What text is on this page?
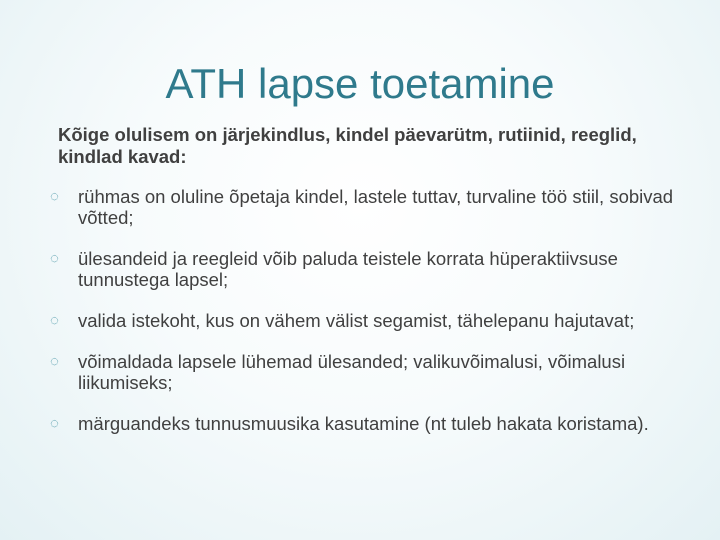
ATH lapse toetamine

Kõige olulisem on järjekindlus, kindel päevarütm, rutiinid, reeglid, kindlad kavad:

◌ rühmas on oluline õpetaja kindel, lastele tuttav, turvaline töö stiil, sobivad võtted;
◌ ülesandeid ja reegleid võib paluda teistele korrata hüperaktiivsuse tunnustega lapsel;
◌ valida istekoht, kus on vähem välist segamist, tähelepanu hajutavat;
◌ võimaldada lapsele lühemad ülesanded; valikuvõimalusi, võimalusi liikumiseks;
◌ märguandeks tunnusmuusika kasutamine (nt tuleb hakata koristama).
